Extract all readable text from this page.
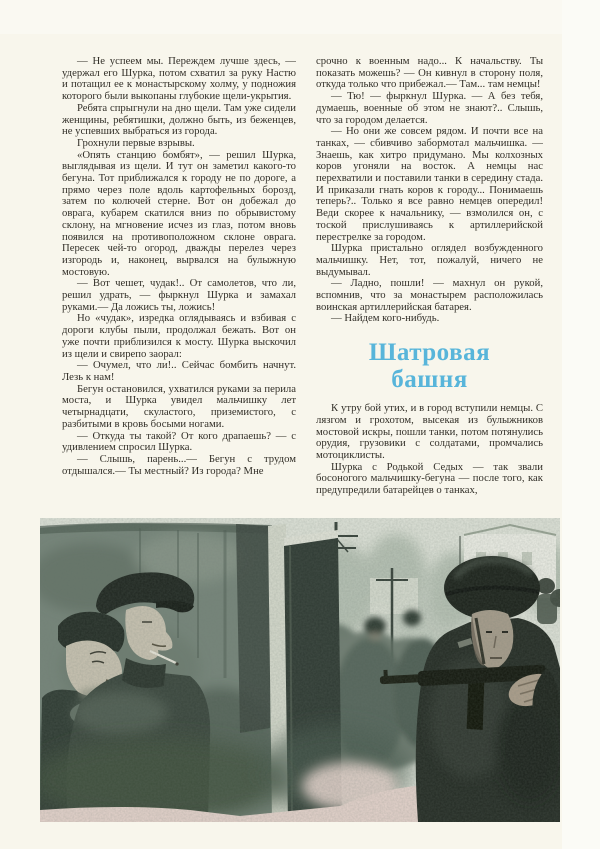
— Не успеем мы. Переждем лучше здесь, — удержал его Шурка, потом схватил за руку Настю и потащил ее к монастырскому холму, у подножия которого были выкопаны глубокие щели-укрытия.

Ребята спрыгнули на дно щели. Там уже сидели женщины, ребятишки, должно быть, из беженцев, не успевших выбраться из города.

Грохнули первые взрывы.

«Опять станцию бомбят», — решил Шурка, выглядывая из щели. И тут он заметил какого-то бегуна. Тот приближался к городу не по дороге, а прямо через поле вдоль картофельных борозд, затем по колючей стерне. Вот он добежал до оврага, кубарем скатился вниз по обрывистому склону, на мгновение исчез из глаз, потом вновь появился на противоположном склоне оврага. Пересек чей-то огород, дважды перелез через изгородь и, наконец, вырвался на булыжную мостовую.

— Вот чешет, чудак!.. От самолетов, что ли, решил удрать, — фыркнул Шурка и замахал руками.— Да ложись ты, ложись!

Но «чудак», изредка оглядываясь и взбивая с дороги клубы пыли, продолжал бежать. Вот он уже почти приблизился к мосту. Шурка выскочил из щели и свирепо заорал:

— Очумел, что ли!.. Сейчас бомбить начнут. Лезь к нам!

Бегун остановился, ухватился руками за перила моста, и Шурка увидел мальчишку лет четырнадцати, скуластого, приземистого, с разбитыми в кровь босыми ногами.

— Откуда ты такой? От кого драпаешь? — с удивлением спросил Шурка.

— Слышь, парень...— Бегун с трудом отдышался.— Ты местный? Из города? Мне

срочно к военным надо... К начальству. Ты показать можешь? — Он кивнул в сторону поля, откуда только что прибежал.— Там... там немцы!

— Тю! — фыркнул Шурка. — А без тебя, думаешь, военные об этом не знают?.. Слышь, что за городом делается.

— Но они же совсем рядом. И почти все на танках, — сбивчиво забормотал мальчишка. — Знаешь, как хитро придумано. Мы колхозных коров угоняли на восток. А немцы нас перехватили и поставили танки в середину стада. И приказали гнать коров к городу... Понимаешь теперь?.. Только я все равно немцев опередил! Веди скорее к начальнику, — взмолился он, с тоской прислушиваясь к артиллерийской перестрелке за городом.

Шурка пристально оглядел возбужденного мальчишку. Нет, тот, пожалуй, ничего не выдумывал.

— Ладно, пошли! — махнул он рукой, вспомнив, что за монастырем расположилась воинская артиллерийская батарея.

— Найдем кого-нибудь.

Шатровая
башня

К утру бой утих, и в город вступили немцы. С лязгом и грохотом, высекая из булыжников мостовой искры, пошли танки, потом потянулись орудия, грузовики с солдатами, промчались мотоциклисты.

Шурка с Родькой Седых — так звали босоногого мальчишку-бегуна — после того, как предупредили батарейцев о танках,
